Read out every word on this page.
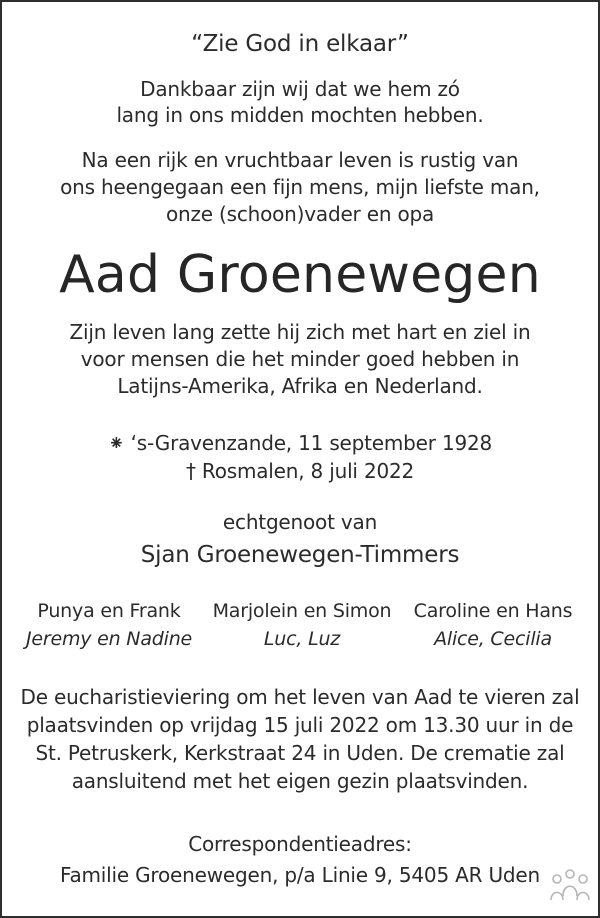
“Zie God in elkaar”
Dankbaar zijn wij dat we hem zó
lang in ons midden mochten hebben.
Na een rijk en vruchtbaar leven is rustig van
ons heengegaan een fijn mens, mijn liefste man,
onze (schoon)vader en opa
Aad Groenewegen
Zijn leven lang zette hij zich met hart en ziel in
voor mensen die het minder goed hebben in
Latijns-Amerika, Afrika en Nederland.
⁕ ‘s-Gravenzande, 11 september 1928
† Rosmalen, 8 juli 2022
echtgenoot van
Sjan Groenewegen-Timmers
Punya en Frank
Jeremy en Nadine
Marjolein en Simon
Luc, Luz
Caroline en Hans
Alice, Cecilia
De eucharistieviering om het leven van Aad te vieren zal
plaatsvinden op vrijdag 15 juli 2022 om 13.30 uur in de
St. Petruskerk, Kerkstraat 24 in Uden. De crematie zal
aansluitend met het eigen gezin plaatsvinden.
Correspondentieadres:
Familie Groenewegen, p/a Linie 9, 5405 AR Uden
